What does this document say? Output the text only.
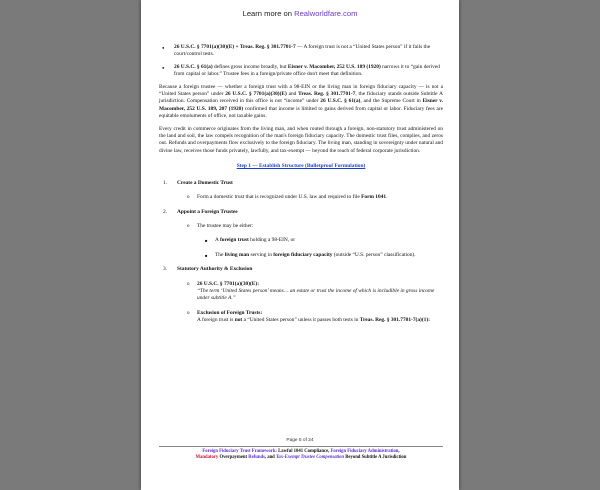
Learn more on Realworldfare.com
● 26 U.S.C. § 7701(a)(30)(E) + Treas. Reg. § 301.7701-7 — A foreign trust is not a “United States person” if it fails the court/control tests.
● 26 U.S.C. § 61(a) defines gross income broadly, but Eisner v. Macomber, 252 U.S. 189 (1920) narrows it to “gain derived from capital or labor.” Trustee fees in a foreign/private office don't meet that definition.

Because a foreign trustee — whether a foreign trust with a 98-EIN or the living man in foreign fiduciary capacity — is not a “United States person” under 26 U.S.C. § 7701(a)(30)(E) and Treas. Reg. § 301.7701-7, the fiduciary stands outside Subtitle A jurisdiction. Compensation received in this office is not “income” under 26 U.S.C. § 61(a), and the Supreme Court in Eisner v. Macomber, 252 U.S. 189, 207 (1920) confirmed that income is limited to gains derived from capital or labor. Fiduciary fees are equitable emoluments of office, not taxable gains.

Every credit in commerce originates from the living man, and when routed through a foreign, non-statutory trust administered on the land and soil, the law compels recognition of the man's foreign fiduciary capacity. The domestic trust files, complies, and zeros out. Refunds and overpayments flow exclusively to the foreign fiduciary. The living man, standing in sovereignty under natural and divine law, receives those funds privately, lawfully, and tax-exempt — beyond the reach of federal corporate jurisdiction.

Step 1 — Establish Structure (Bulletproof Formulation)
1. Create a Domestic Trust
o Form a domestic trust that is recognized under U.S. law and required to file Form 1041.
2. Appoint a Foreign Trustee
o The trustee may be either:
■ A foreign trust holding a 98-EIN, or
■ The living man serving in foreign fiduciary capacity (outside “U.S. person” classification).
3. Statutory Authority & Exclusion
o 26 U.S.C. § 7701(a)(30)(E):
“The term ‘United States person’ means… an estate or trust the income of which is includible in gross income under subtitle A.”
o Exclusion of Foreign Trusts:
A foreign trust is not a “United States person” unless it passes both tests in Treas. Reg. § 301.7701-7(a)(1):
Page 5 of 24
Foreign Fiduciary Trust Framework: Lawful 1041 Compliance, Foreign Fiduciary Administration,
Mandatory Overpayment Refunds, and Tax-Exempt Trustee Compensation Beyond Subtitle A Jurisdiction
